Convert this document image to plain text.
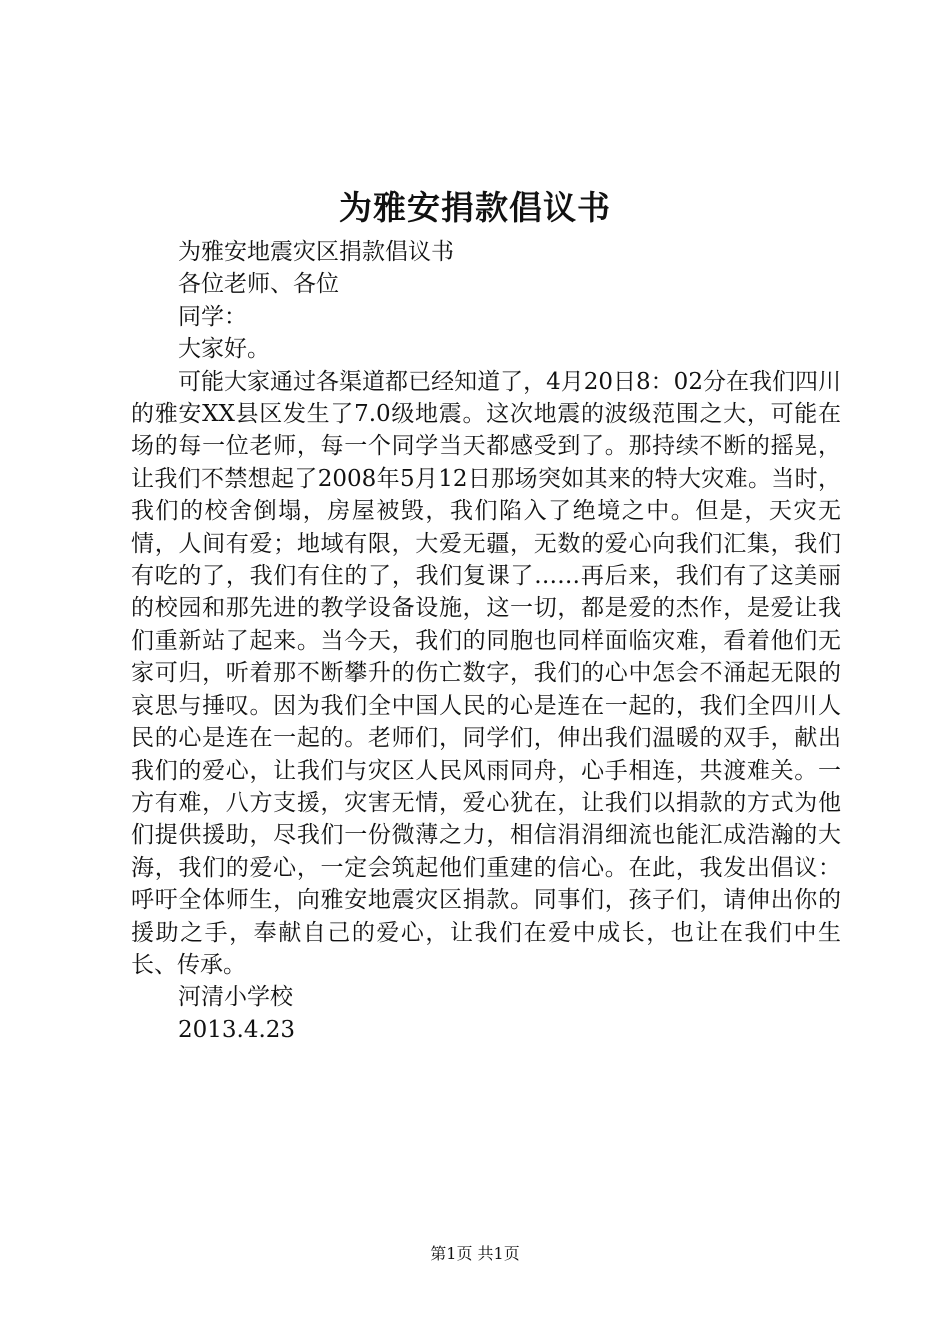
为雅安捐款倡议书
为雅安地震灾区捐款倡议书
各位老师、各位
同学：
大家好。

可能大家通过各渠道都已经知道了，4月20日8：02分在我们四川的雅安XX县区发生了7.0级地震。这次地震的波级范围之大，可能在场的每一位老师，每一个同学当天都感受到了。那持续不断的摇晃，让我们不禁想起了2008年5月12日那场突如其来的特大灾难。当时，我们的校舍倒塌，房屋被毁，我们陷入了绝境之中。但是，天灾无情，人间有爱；地域有限，大爱无疆，无数的爱心向我们汇集，我们有吃的了，我们有住的了，我们复课了……再后来，我们有了这美丽的校园和那先进的教学设备设施，这一切，都是爱的杰作，是爱让我们重新站了起来。当今天，我们的同胞也同样面临灾难，看着他们无家可归，听着那不断攀升的伤亡数字，我们的心中怎会不涌起无限的哀思与捶叹。因为我们全中国人民的心是连在一起的，我们全四川人民的心是连在一起的。老师们，同学们，伸出我们温暖的双手，献出我们的爱心，让我们与灾区人民风雨同舟，心手相连，共渡难关。一方有难，八方支援，灾害无情，爱心犹在，让我们以捐款的方式为他们提供援助，尽我们一份微薄之力，相信涓涓细流也能汇成浩瀚的大海，我们的爱心，一定会筑起他们重建的信心。在此，我发出倡议：呼吁全体师生，向雅安地震灾区捐款。同事们，孩子们，请伸出你的援助之手，奉献自己的爱心，让我们在爱中成长，也让在我们中生长、传承。

河清小学校
2013.4.23
第1页 共1页
